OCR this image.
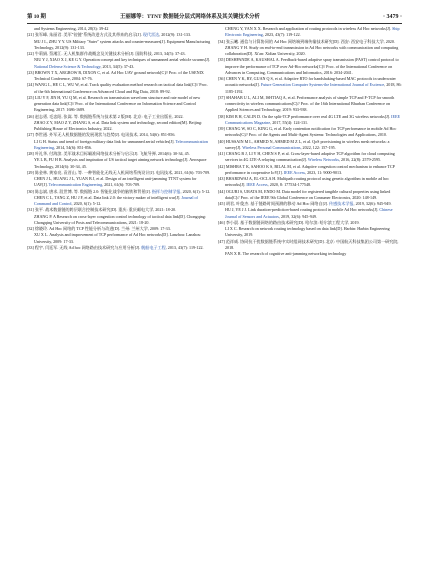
第 10 期	王丽娜等：TTNT 数据链分层式网络体系及其关键技术分析	· 3479 ·

and Systems Engineering, 2014, 28(3): 39-42

[21] 张军峰, 朱丽君. 美军"铰链"系统改进方式及其带来的启示[J]. 现代雷达, 2012(9): 131-133.

MU J L, ZHU Y Y. US Military "Suter" system attacks and counter-measures[J]. Equipment Manufacturing Technology, 2012(9): 131-133.

[22] 牛莉娟, 蔡湘江. 无人机集群作战概念及关键技术分析[J]. 国防科技, 2013, 34(5): 37-43.

NIU Y J, XIAO X J, KE G Y. Operation concept and key techniques of unmanned aerial vehicle swarms[J]. National Defense Science & Technology, 2013, 34(5): 37-43.

[23] BROWN T X, ARGROW B, DIXON C, et al. Ad Hoc UAV ground network[C]// Proc. of the USENIX Technical Conference, 2004: 67-76.

[24] WANG L, HE C L, WU W, et al. Track quality evaluation method research on tactical data link[C]// Proc. of the 6th International Conference on Advanced Cloud and Big Data, 2018: 89-92.

[25] LIU Y F, JIN H, YU Q M, et al. Research on transmission waveform structure and rate model of new generation data link[C]// Proc. of the International Conference on Information Science and Control Engineering, 2017: 1686-1689.

[26] 赵志勇, 毛忠阳, 张嵩. 等. 数据链系统与技术第 2 版[M]. 北京: 电子工业出版社, 2022.

ZHAO Z Y, MAO Z Y, ZHANG S, et al. Data link system and technology, second edition[M]. Beijing: Publishing House of Electronics Industry, 2022.

[27] 李世通. 外军无人机数据链的发展现状与趋势[J]. 电讯技术, 2014, 54(6): 851-856.

LI G H. Status and trend of foreign military data link for unmanned aerial vehicles[J]. Telecommunication Engineering, 2014, 54(6): 851-856.

[28] 叶礼华, 付海滨. 美军战术目标瞄准网络技术分析与启示[J]. 飞航导弹, 2014(6): 30-34, 45.

YE L B, FU H B. Analysis and inspiration of US tactical target aiming network technology[J]. Aerospace Technology, 2014(6): 30-34, 45.

[29] 陈金林, 黄家亮, 袁晋山, 等. 一种智能化无线无人机网络系统设计[J]. 电讯技术, 2021, 61(6): 703-709.

CHEN J L, HUANG J L, YUAN B J, et al. Design of an intelligent anti-jamming TTNT system for UAV[J]. Telecommunication Engineering, 2021, 61(6): 703-709.

[30] 陈志斌, 唐求, 段世博, 等. 数据链 2.0: 智能化战争的脑铁和背景[J]. 指挥与控制学报, 2020, 6(1): 5-12.

CHEN C L, TANG Z, HU J F, et al. Data link 2.0: the victory maker of intelligent war[J]. Journal of Command and Control, 2020, 6(1): 5-12.

[31] 张平. 战术数据链的跨层联合控制技术研究[D]. 重庆: 重庆邮电大学, 2021: 18-20.

ZHANG P. A Research on cross-layer congestion control technology of tactical data link[D]. Chongqing: Chongqing University of Posts and Telecommunications, 2021: 18-20.

[32] 徐晓玲. Ad Hoc 网络的 TCP 性能分析与改进[D]. 兰州: 兰州大学, 2009: 17-33.

XU X L. Analysis and improvement of TCP performance of Ad Hoc networks[D]. Lanzhou: Lanzhou University, 2009: 17-33.

[33] 程宇, 闫廷军. 无线 Ad hoc 网络路由技术研究与应用分析[J]. 舰船电子工程, 2013, 43(7): 119-122.

CHENG Y, YAN X X. Research and application of routing protocols in wireless Ad Hoc networks[J]. Ship Electronic Engineering, 2023, 43(7): 119-122.

[34] 张云曦. 通信与计算协同的 Ad Hoc 网络端到端传输技术研究[D]. 西安: 西安电子科技大学, 2020.

ZHANG Y H. Study on end-to-end transmission in Ad Hoc networks with communication and computing collaboration[D]. Xi'an: Xidian University, 2020.

[35] DESHPANDE A, KAUSHAL A. Feedback-based adaptive spray transmission (FAST) control protocol to improve the performance of TCP over Ad-Hoc networks[C]// Proc. of the International Conference on Advances in Computing, Communications and Informatics, 2016: 2034-2041.

[36] CHEN Y K, RY, GUAN Q S, et al. Adaptive RTO for handshaking-based MAC protocols in underwater acoustic networks[J]. Future Generation Computer Systems-the International Journal of Escience, 2018, 86: 1185-1192.

[37] SHAHAB U L, ALI M, ISHTIAQ A, et al. Performance analysis of simple TCP and F-TCP for smooth connectivity in wireless communications[C]// Proc. of the 16th International Bhurban Conference on Applied Sciences and Technology, 2019: 933-938.

[38] KIM B H, CALIN D. On the split-TCP performance over real 4G LTE and 3G wireless networks[J]. IEEE Communications Magazine, 2017, 55(4): 124-131.

[39] CHANG W, SO C, KING G, et al. Early contention notification for TCP performance in mobile Ad Hoc networks[C]// Proc. of the Agents and Multi-Agent Systems: Technologies and Applications, 2010.

[40] HUSSAIN M L, AHMED N, AHMED M Z L, et al. QoS provisioning in wireless mesh networks: a survey[J]. Wireless Personal Communications, 2022, 122: 157-195.

[41] CHANG B J, LI Y H, CHEN S P, et al. Cross-layer-based adaptive TCP algorithm for cloud computing services in 4G LTE-A relaying communication[J]. Wireless Networks, 2016, 22(8): 2579-2595.

[42] MISHRA T K, SAHOO K S, BILAL M, et al. Adaptive congestion control mechanism to enhance TCP performance in cooperative IoV[J]. IEEE Access, 2023, 11: 9000-9013.

[43] BHARDWAJ A, EL-OCLA H. Multipath routing protocol using genetic algorithm in mobile ad hoc networks[J]. IEEE Access, 2020, 8: 177534-177548.

[44] OGURI S, URATA M, ENDO M. Data model for registered tangible cultural properties using linked data[C]// Proc. of the IEEE 9th Global Conference on Consumer Electronics, 2020: 148-149.

[45] 胡君, 叶俊杰. 基于链路时间预测的移动 Ad Hoc 网络自[J]. 传感技术学报, 2019, 32(6): 945-949.

HU J, YE J J. Link duration-prediction-based routing protocol in mobile Ad Hoc networks[J]. Chinese Journal of Sensors and Actuators, 2019, 32(6): 945-949.

[46] 李小晨. 基于数据链网络的路由技术研究[D]. 哈尔滨: 哈尔滨工程大学, 2019.

LI X C. Research on network routing technology based on data link[D]. Harbin: Harbin Engineering University, 2019.

[47] 范祥威. 协同抗干扰数据链系统中实时组网技术研究[D]. 北京: 中国航天科技集团公司第一研究院, 2018.

FAN X R. The research of cognitive anti-jamming networking technology
